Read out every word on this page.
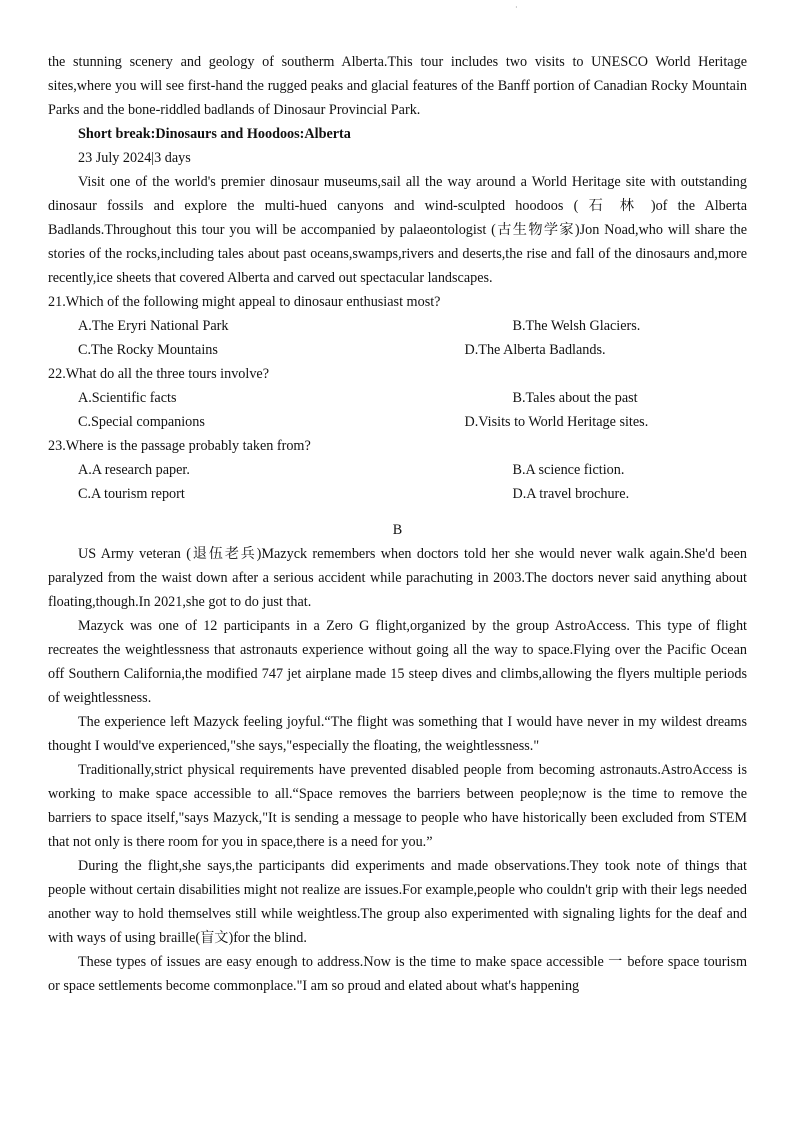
·

the stunning scenery and geology of southerm Alberta.This tour includes two visits to UNESCO World Heritage sites,where you will see first-hand the rugged peaks and glacial features of the Banff portion of Canadian Rocky Mountain Parks and the bone-riddled badlands of Dinosaur Provincial Park.

Short break:Dinosaurs and Hoodoos:Alberta

23 July 2024|3 days

Visit one of the world's premier dinosaur museums,sail all the way around a World Heritage site with outstanding dinosaur fossils and explore the multi-hued canyons and wind-sculpted hoodoos ( 石 林 )of the Alberta Badlands.Throughout this tour you will be accompanied by palaeontologist (古生物学家)Jon Noad,who will share the stories of the rocks,including tales about past oceans,swamps,rivers and deserts,the rise and fall of the dinosaurs and,more recently,ice sheets that covered Alberta and carved out spectacular landscapes.

21.Which of the following might appeal to dinosaur enthusiast most?

A.The Eryri National Park	B.The Welsh Glaciers.
C.The Rocky Mountains	D.The Alberta Badlands.

22.What do all the three tours involve?

A.Scientific facts	B.Tales about the past
C.Special companions	D.Visits to World Heritage sites.

23.Where is the passage probably taken from?

A.A research paper.	B.A science fiction.
C.A tourism report	D.A travel brochure.

B

US Army veteran (退伍老兵)Mazyck remembers when doctors told her she would never walk again.She'd been paralyzed from the waist down after a serious accident while parachuting in 2003.The doctors never said anything about floating,though.In 2021,she got to do just that.

Mazyck was one of 12 participants in a Zero G flight,organized by the group AstroAccess. This type of flight recreates the weightlessness that astronauts experience without going all the way to space.Flying over the Pacific Ocean off Southern California,the modified 747 jet airplane made 15 steep dives and climbs,allowing the flyers multiple periods of weightlessness.

The experience left Mazyck feeling joyful.“The flight was something that I would have never in my wildest dreams thought I would've experienced,"she says,"especially the floating, the weightlessness."

Traditionally,strict physical requirements have prevented disabled people from becoming astronauts.AstroAccess is working to make space accessible to all.“Space removes the barriers between people;now is the time to remove the barriers to space itself,"says Mazyck,"It is sending a message to people who have historically been excluded from STEM that not only is there room for you in space,there is a need for you.”

During the flight,she says,the participants did experiments and made observations.They took note of things that people without certain disabilities might not realize are issues.For example,people who couldn't grip with their legs needed another way to hold themselves still while weightless.The group also experimented with signaling lights for the deaf and with ways of using braille(盲文)for the blind.

These types of issues are easy enough to address.Now is the time to make space accessible 一 before space tourism or space settlements become commonplace."I am so proud and elated about what's happening
